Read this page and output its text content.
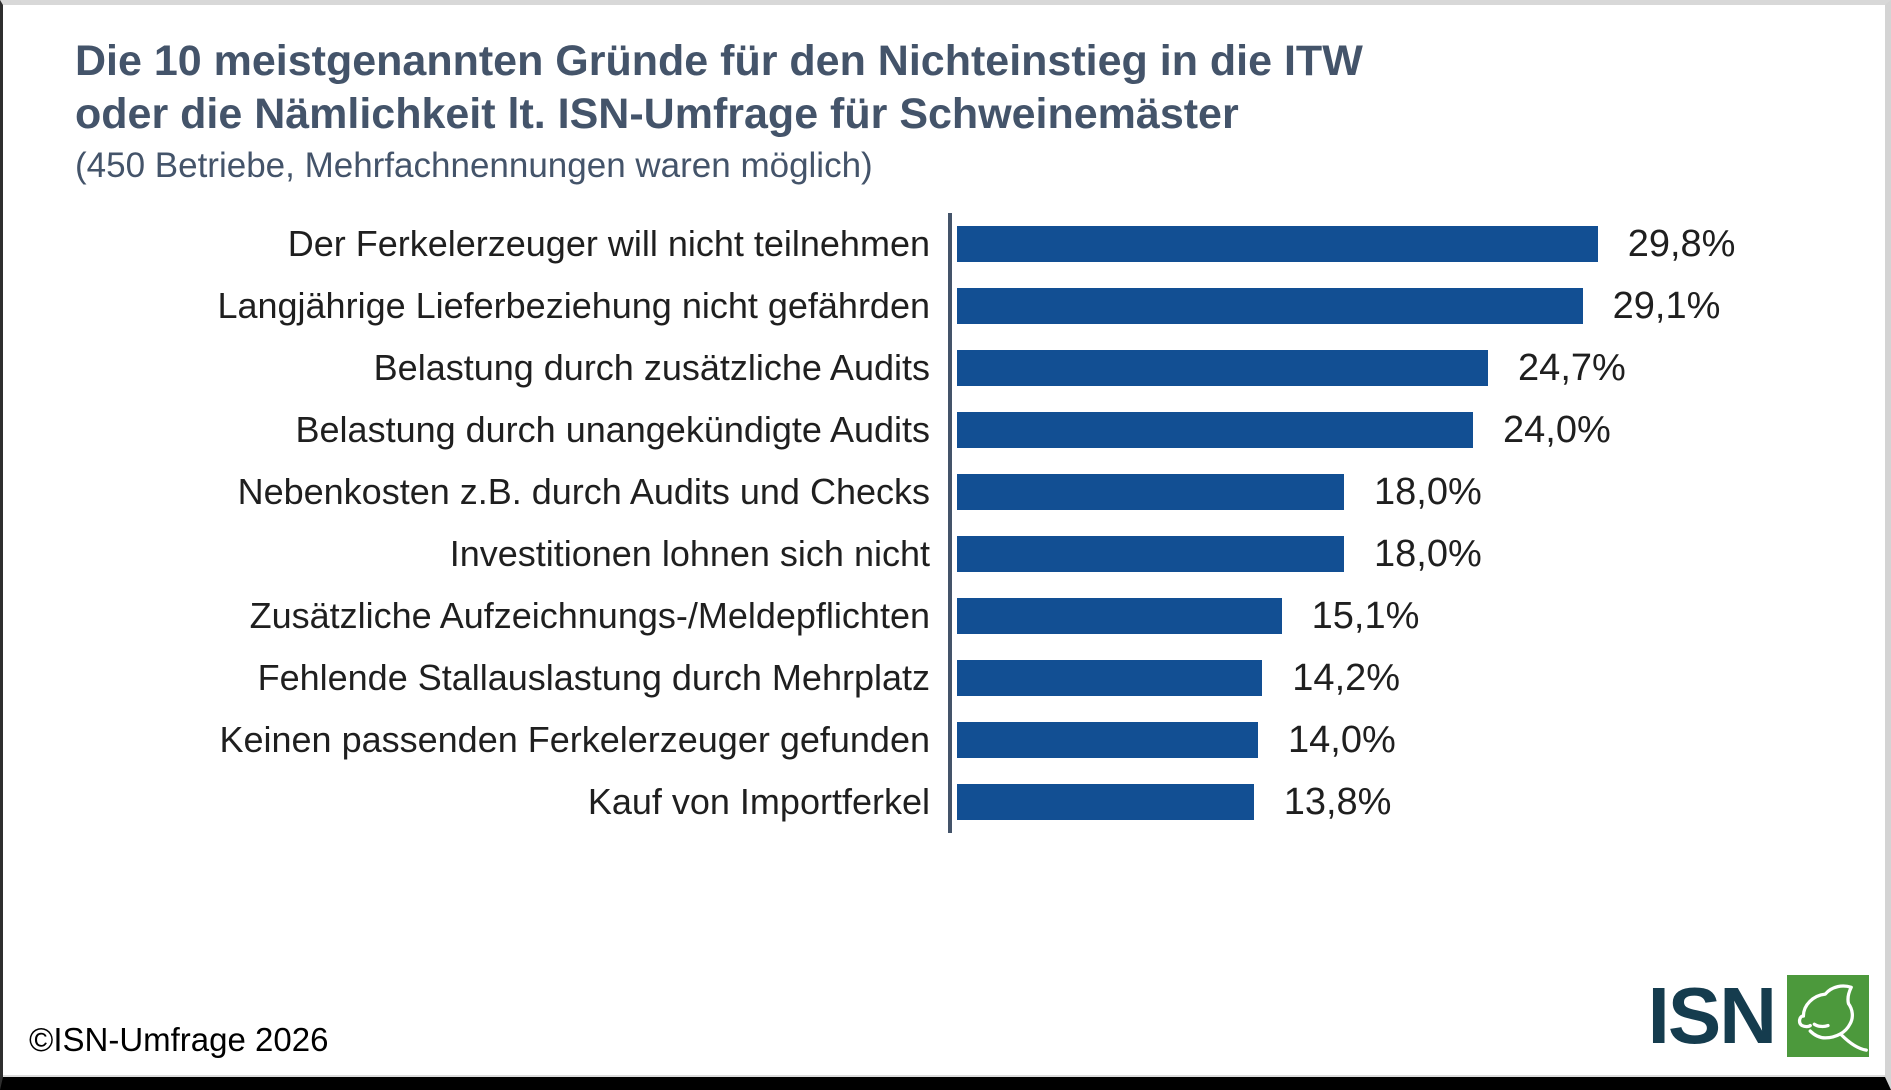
Die 10 meistgenannten Gründe für den Nichteinstieg in die ITW
oder die Nämlichkeit lt. ISN-Umfrage für Schweinemäster

(450 Betriebe, Mehrfachnennungen waren möglich)

Der Ferkelerzeuger will nicht teilnehmen	29,8%
Langjährige Lieferbeziehung nicht gefährden	29,1%
Belastung durch zusätzliche Audits	24,7%
Belastung durch unangekündigte Audits	24,0%
Nebenkosten z.B. durch Audits und Checks	18,0%
Investitionen lohnen sich nicht	18,0%
Zusätzliche Aufzeichnungs-/Meldepflichten	15,1%
Fehlende Stallauslastung durch Mehrplatz	14,2%
Keinen passenden Ferkelerzeuger gefunden	14,0%
Kauf von Importferkel	13,8%
©ISN-Umfrage 2026	ISN
